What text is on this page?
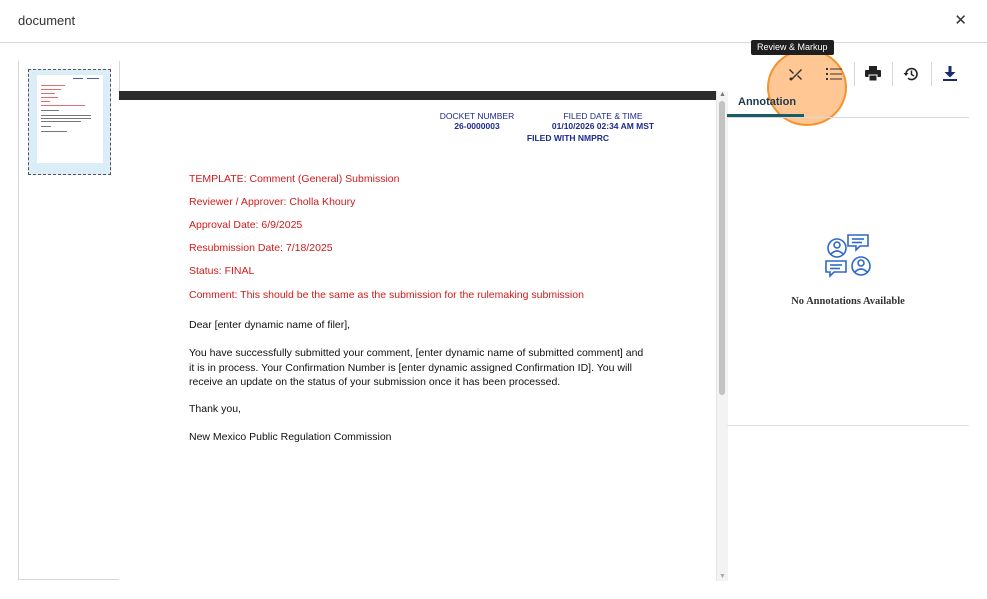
document	✕
DOCKET NUMBER
26-0000003
FILED DATE & TIME
01/10/2026 02:34 AM MST
FILED WITH NMPRC
TEMPLATE: Comment (General) Submission
Reviewer / Approver: Cholla Khoury
Approval Date: 6/9/2025
Resubmission Date: 7/18/2025
Status: FINAL
Comment: This should be the same as the submission for the rulemaking submission
Dear [enter dynamic name of filer],
You have successfully submitted your comment, [enter dynamic name of submitted comment] and it is in process. Your Confirmation Number is [enter dynamic assigned Confirmation ID]. You will receive an update on the status of your submission once it has been processed.
Thank you,
New Mexico Public Regulation Commission
▲
▼
Review & Markup
Annotation
No Annotations Available
